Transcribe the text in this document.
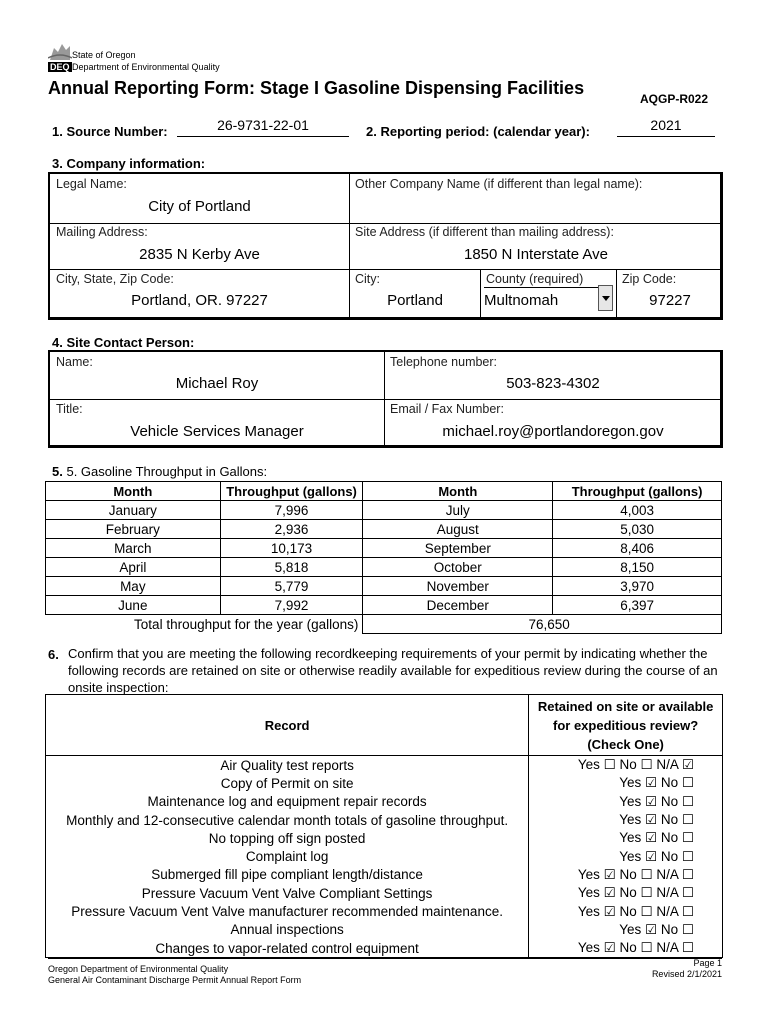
State of Oregon
DEQ Department of Environmental Quality
Annual Reporting Form: Stage I Gasoline Dispensing Facilities
AQGP-R022
1. Source Number:	26-9731-22-01	2. Reporting period: (calendar year):	2021
3. Company information:
Legal Name:
City of Portland
Other Company Name (if different than legal name):
Mailing Address:
2835 N Kerby Ave
Site Address (if different than mailing address):
1850 N Interstate Ave
City, State, Zip Code:
Portland, OR. 97227
City:
Portland
County (required)
Multnomah
Zip Code:
97227
4. Site Contact Person:
Name:
Michael Roy
Telephone number:
503-823-4302
Title:
Vehicle Services Manager
Email / Fax Number:
michael.roy@portlandoregon.gov
5. 5. Gasoline Throughput in Gallons:
Month	Throughput (gallons)	Month	Throughput (gallons)
January	7,996	July	4,003
February	2,936	August	5,030
March	10,173	September	8,406
April	5,818	October	8,150
May	5,779	November	3,970
June	7,992	December	6,397
Total throughput for the year (gallons)		76,650	
6. Confirm that you are meeting the following recordkeeping requirements of your permit by indicating whether the following records are retained on site or otherwise readily available for expeditious review during the course of an onsite inspection:
Record	Retained on site or available for expeditious review? (Check One)
Air Quality test reports	Yes ☐ No ☐ N/A ☑
Copy of Permit on site	Yes ☑ No ☐
Maintenance log and equipment repair records	Yes ☑ No ☐
Monthly and 12-consecutive calendar month totals of gasoline throughput.	Yes ☑ No ☐
No topping off sign posted	Yes ☑ No ☐
Complaint log	Yes ☑ No ☐
Submerged fill pipe compliant length/distance	Yes ☑ No ☐ N/A ☐
Pressure Vacuum Vent Valve Compliant Settings	Yes ☑ No ☐ N/A ☐
Pressure Vacuum Vent Valve manufacturer recommended maintenance.	Yes ☑ No ☐ N/A ☐
Annual inspections	Yes ☑ No ☐
Changes to vapor-related control equipment	Yes ☑ No ☐ N/A ☐
Oregon Department of Environmental Quality
General Air Contaminant Discharge Permit Annual Report Form
Page 1
Revised 2/1/2021
